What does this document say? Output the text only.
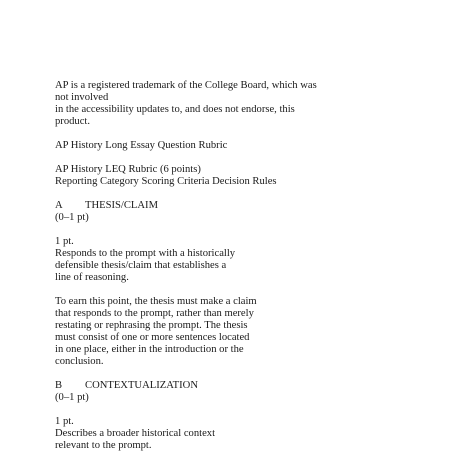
AP is a registered trademark of the College Board, which was
not involved
in the accessibility updates to, and does not endorse, this
product.
AP History Long Essay Question Rubric
AP History LEQ Rubric (6 points)
Reporting Category Scoring Criteria Decision Rules
A	THESIS/CLAIM
(0–1 pt)
1 pt.
Responds to the prompt with a historically
defensible thesis/claim that establishes a
line of reasoning.
To earn this point, the thesis must make a claim
that responds to the prompt, rather than merely
restating or rephrasing the prompt. The thesis
must consist of one or more sentences located
in one place, either in the introduction or the
conclusion.
B	CONTEXTUALIZATION
(0–1 pt)
1 pt.
Describes a broader historical context
relevant to the prompt.
